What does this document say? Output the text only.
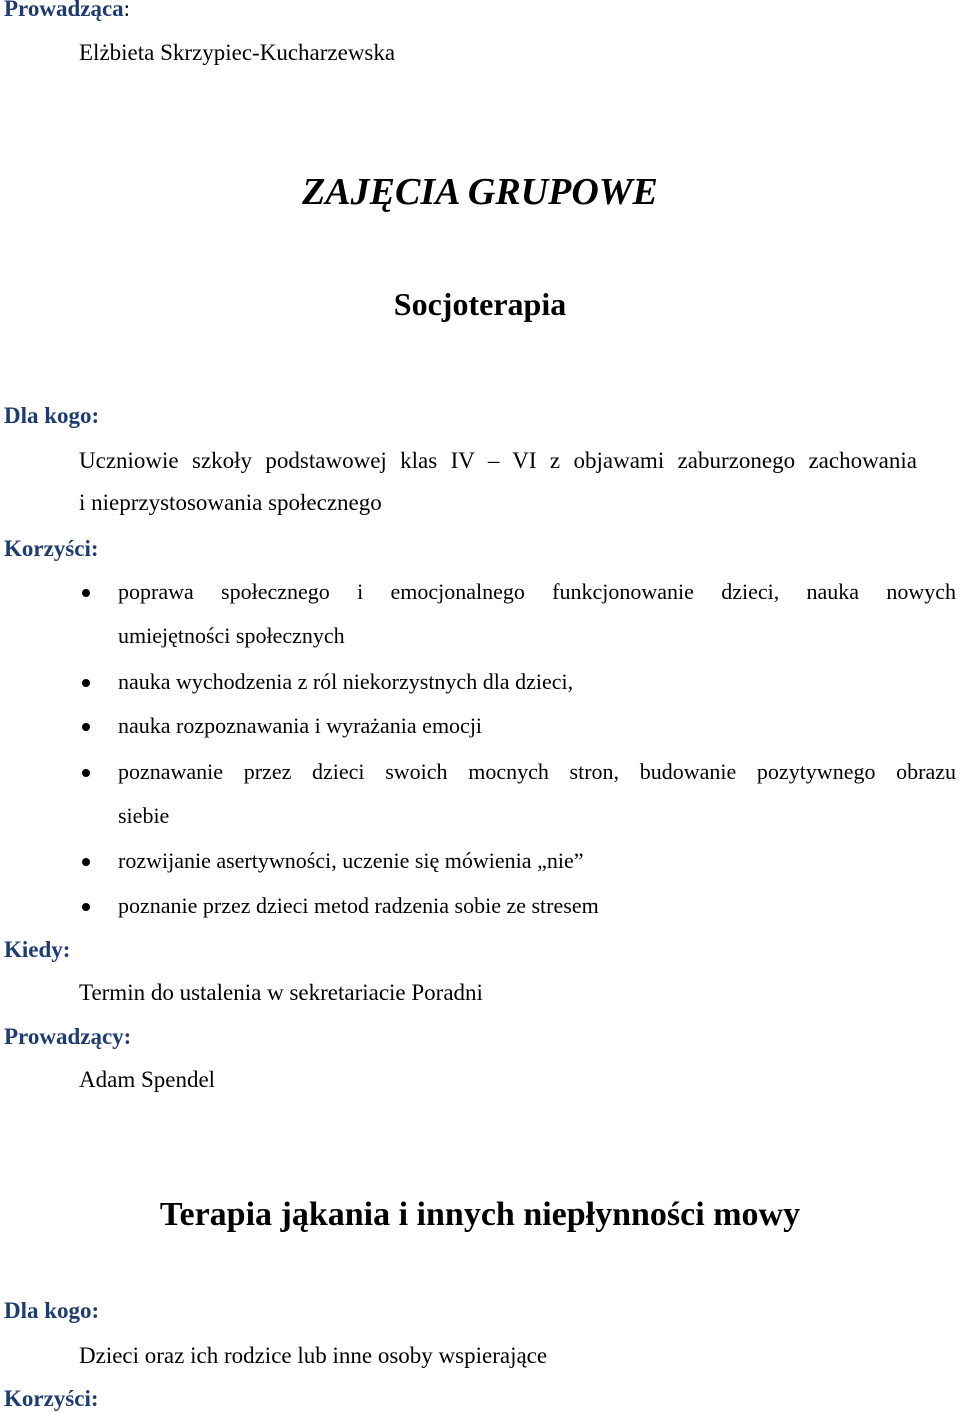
Prowadząca:
Elżbieta Skrzypiec-Kucharzewska
ZAJĘCIA GRUPOWE
Socjoterapia
Dla kogo:
Uczniowie szkoły podstawowej klas IV – VI z objawami zaburzonego zachowania
i nieprzystosowania społecznego
Korzyści:
poprawa społecznego i emocjonalnego funkcjonowanie dzieci, nauka nowych
umiejętności społecznych
nauka wychodzenia z ról niekorzystnych dla dzieci,
nauka rozpoznawania i wyrażania emocji
poznawanie przez dzieci swoich mocnych stron, budowanie pozytywnego obrazu
siebie
rozwijanie asertywności, uczenie się mówienia „nie”
poznanie przez dzieci metod radzenia sobie ze stresem
Kiedy:
Termin do ustalenia w sekretariacie Poradni
Prowadzący:
Adam Spendel
Terapia jąkania i innych niepłynności mowy
Dla kogo:
Dzieci oraz ich rodzice lub inne osoby wspierające
Korzyści:
